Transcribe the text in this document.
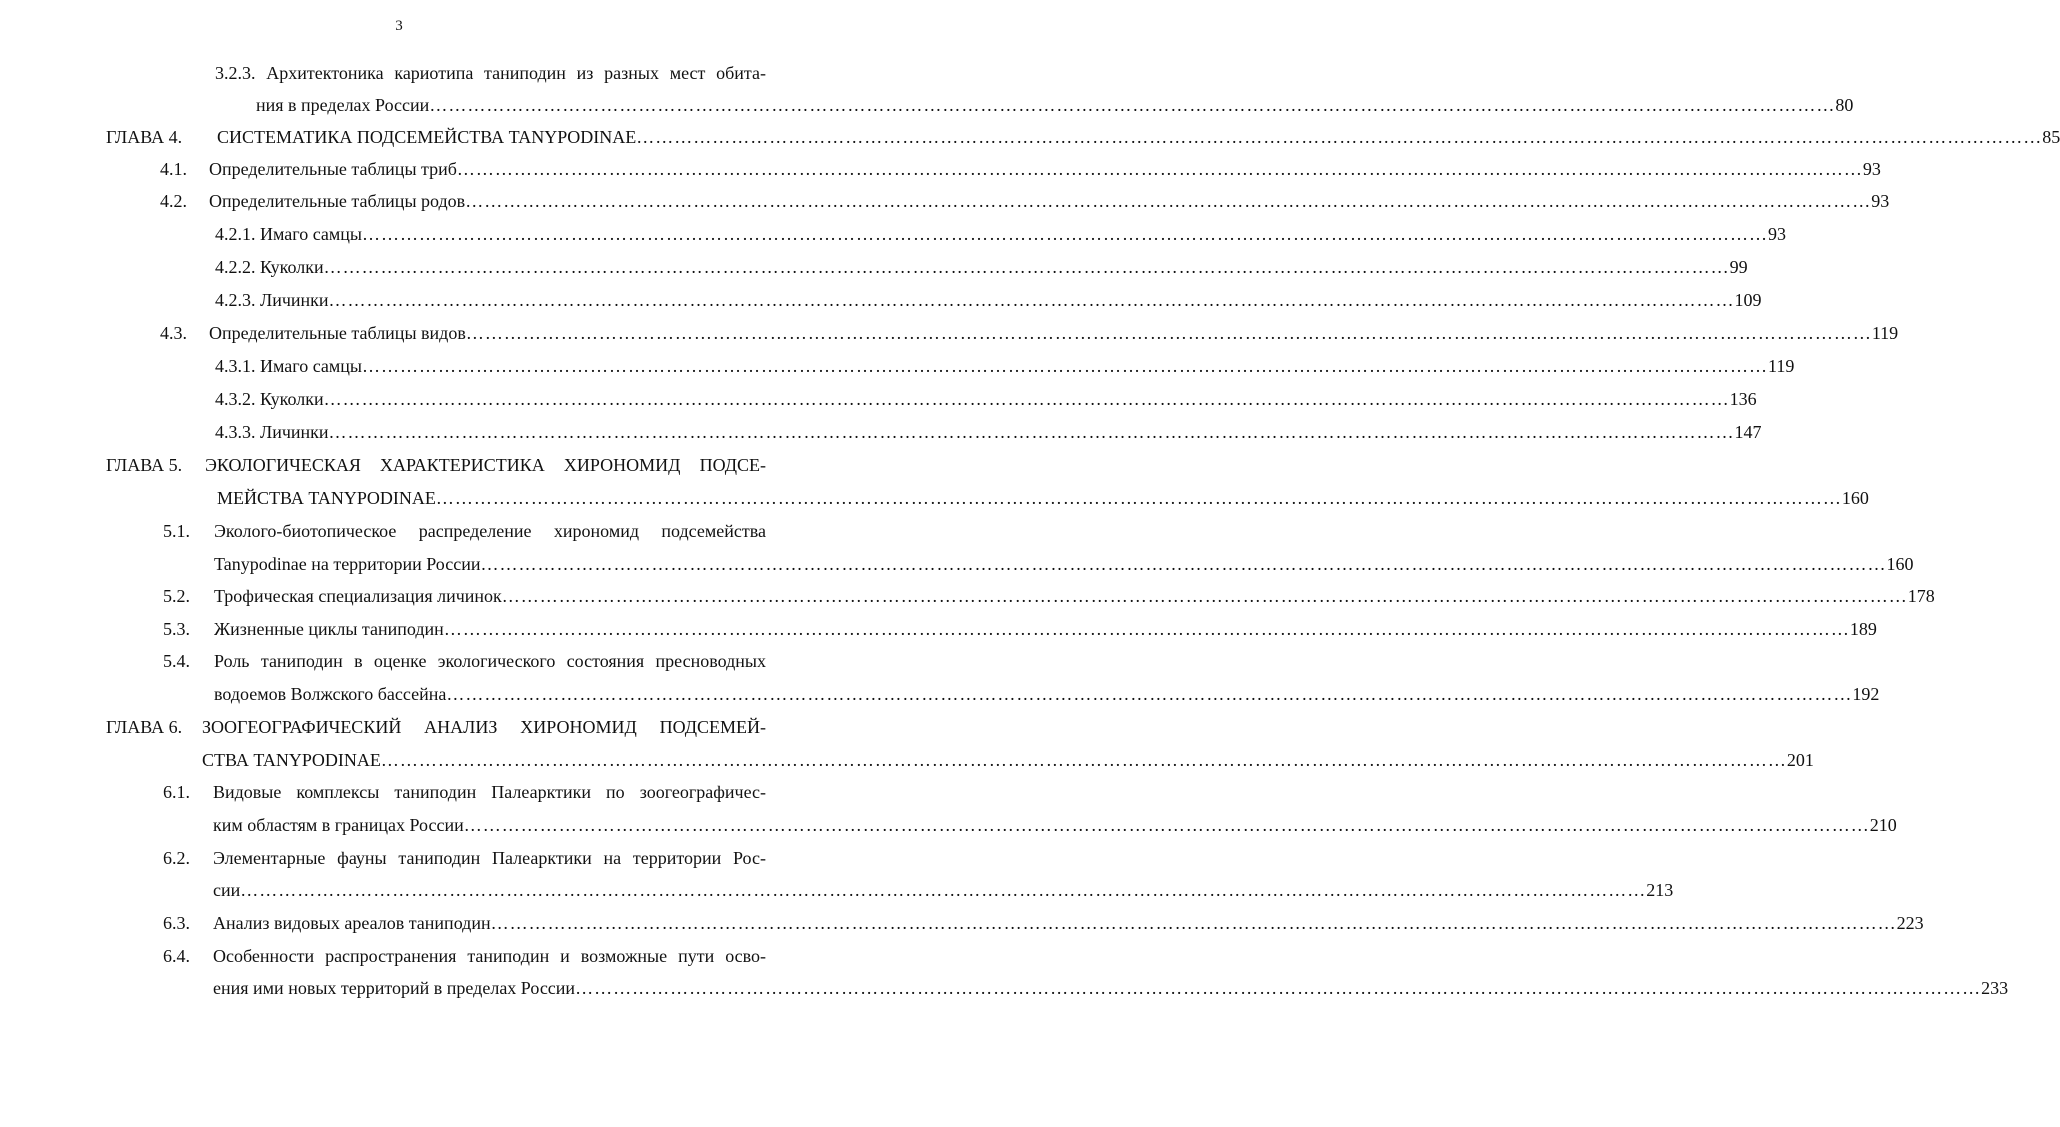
3
3.2.3. Архитектоника кариотипа таниподин из разных мест обита-
ния в пределах России …………………………………………………………………………………………………………………………………………………………………………………………………… 80
ГЛАВА 4. СИСТЕМАТИКА ПОДСЕМЕЙСТВА TANYPODINAE …………………………………………………………………………………………………………………………………………………………………………………………………… 85
4.1. Определительные таблицы триб …………………………………………………………………………………………………………………………………………………………………………………………………… 93
4.2. Определительные таблицы родов …………………………………………………………………………………………………………………………………………………………………………………………………… 93
4.2.1. Имаго самцы …………………………………………………………………………………………………………………………………………………………………………………………………… 93
4.2.2. Куколки …………………………………………………………………………………………………………………………………………………………………………………………………… 99
4.2.3. Личинки …………………………………………………………………………………………………………………………………………………………………………………………………… 109
4.3. Определительные таблицы видов …………………………………………………………………………………………………………………………………………………………………………………………………… 119
4.3.1. Имаго самцы …………………………………………………………………………………………………………………………………………………………………………………………………… 119
4.3.2. Куколки …………………………………………………………………………………………………………………………………………………………………………………………………… 136
4.3.3. Личинки …………………………………………………………………………………………………………………………………………………………………………………………………… 147
ГЛАВА 5. ЭКОЛОГИЧЕСКАЯ ХАРАКТЕРИСТИКА ХИРОНОМИД ПОДСЕ-
МЕЙСТВА TANYPODINAE …………………………………………………………………………………………………………………………………………………………………………………………………… 160
5.1. Эколого-биотопическое распределение хирономид подсемейства
Tanypodinae на территории России …………………………………………………………………………………………………………………………………………………………………………………………………… 160
5.2. Трофическая специализация личинок …………………………………………………………………………………………………………………………………………………………………………………………………… 178
5.3. Жизненные циклы таниподин …………………………………………………………………………………………………………………………………………………………………………………………………… 189
5.4. Роль таниподин в оценке экологического состояния пресноводных
водоемов Волжского бассейна …………………………………………………………………………………………………………………………………………………………………………………………………… 192
ГЛАВА 6. ЗООГЕОГРАФИЧЕСКИЙ АНАЛИЗ ХИРОНОМИД ПОДСЕМЕЙ-
СТВА TANYPODINAE …………………………………………………………………………………………………………………………………………………………………………………………………… 201
6.1. Видовые комплексы таниподин Палеарктики по зоогеографичес-
ким областям в границах России …………………………………………………………………………………………………………………………………………………………………………………………………… 210
6.2. Элементарные фауны таниподин Палеарктики на территории Рос-
сии …………………………………………………………………………………………………………………………………………………………………………………………………… 213
6.3. Анализ видовых ареалов таниподин …………………………………………………………………………………………………………………………………………………………………………………………………… 223
6.4. Особенности распространения таниподин и возможные пути осво-
ения ими новых территорий в пределах России …………………………………………………………………………………………………………………………………………………………………………………………………… 233
